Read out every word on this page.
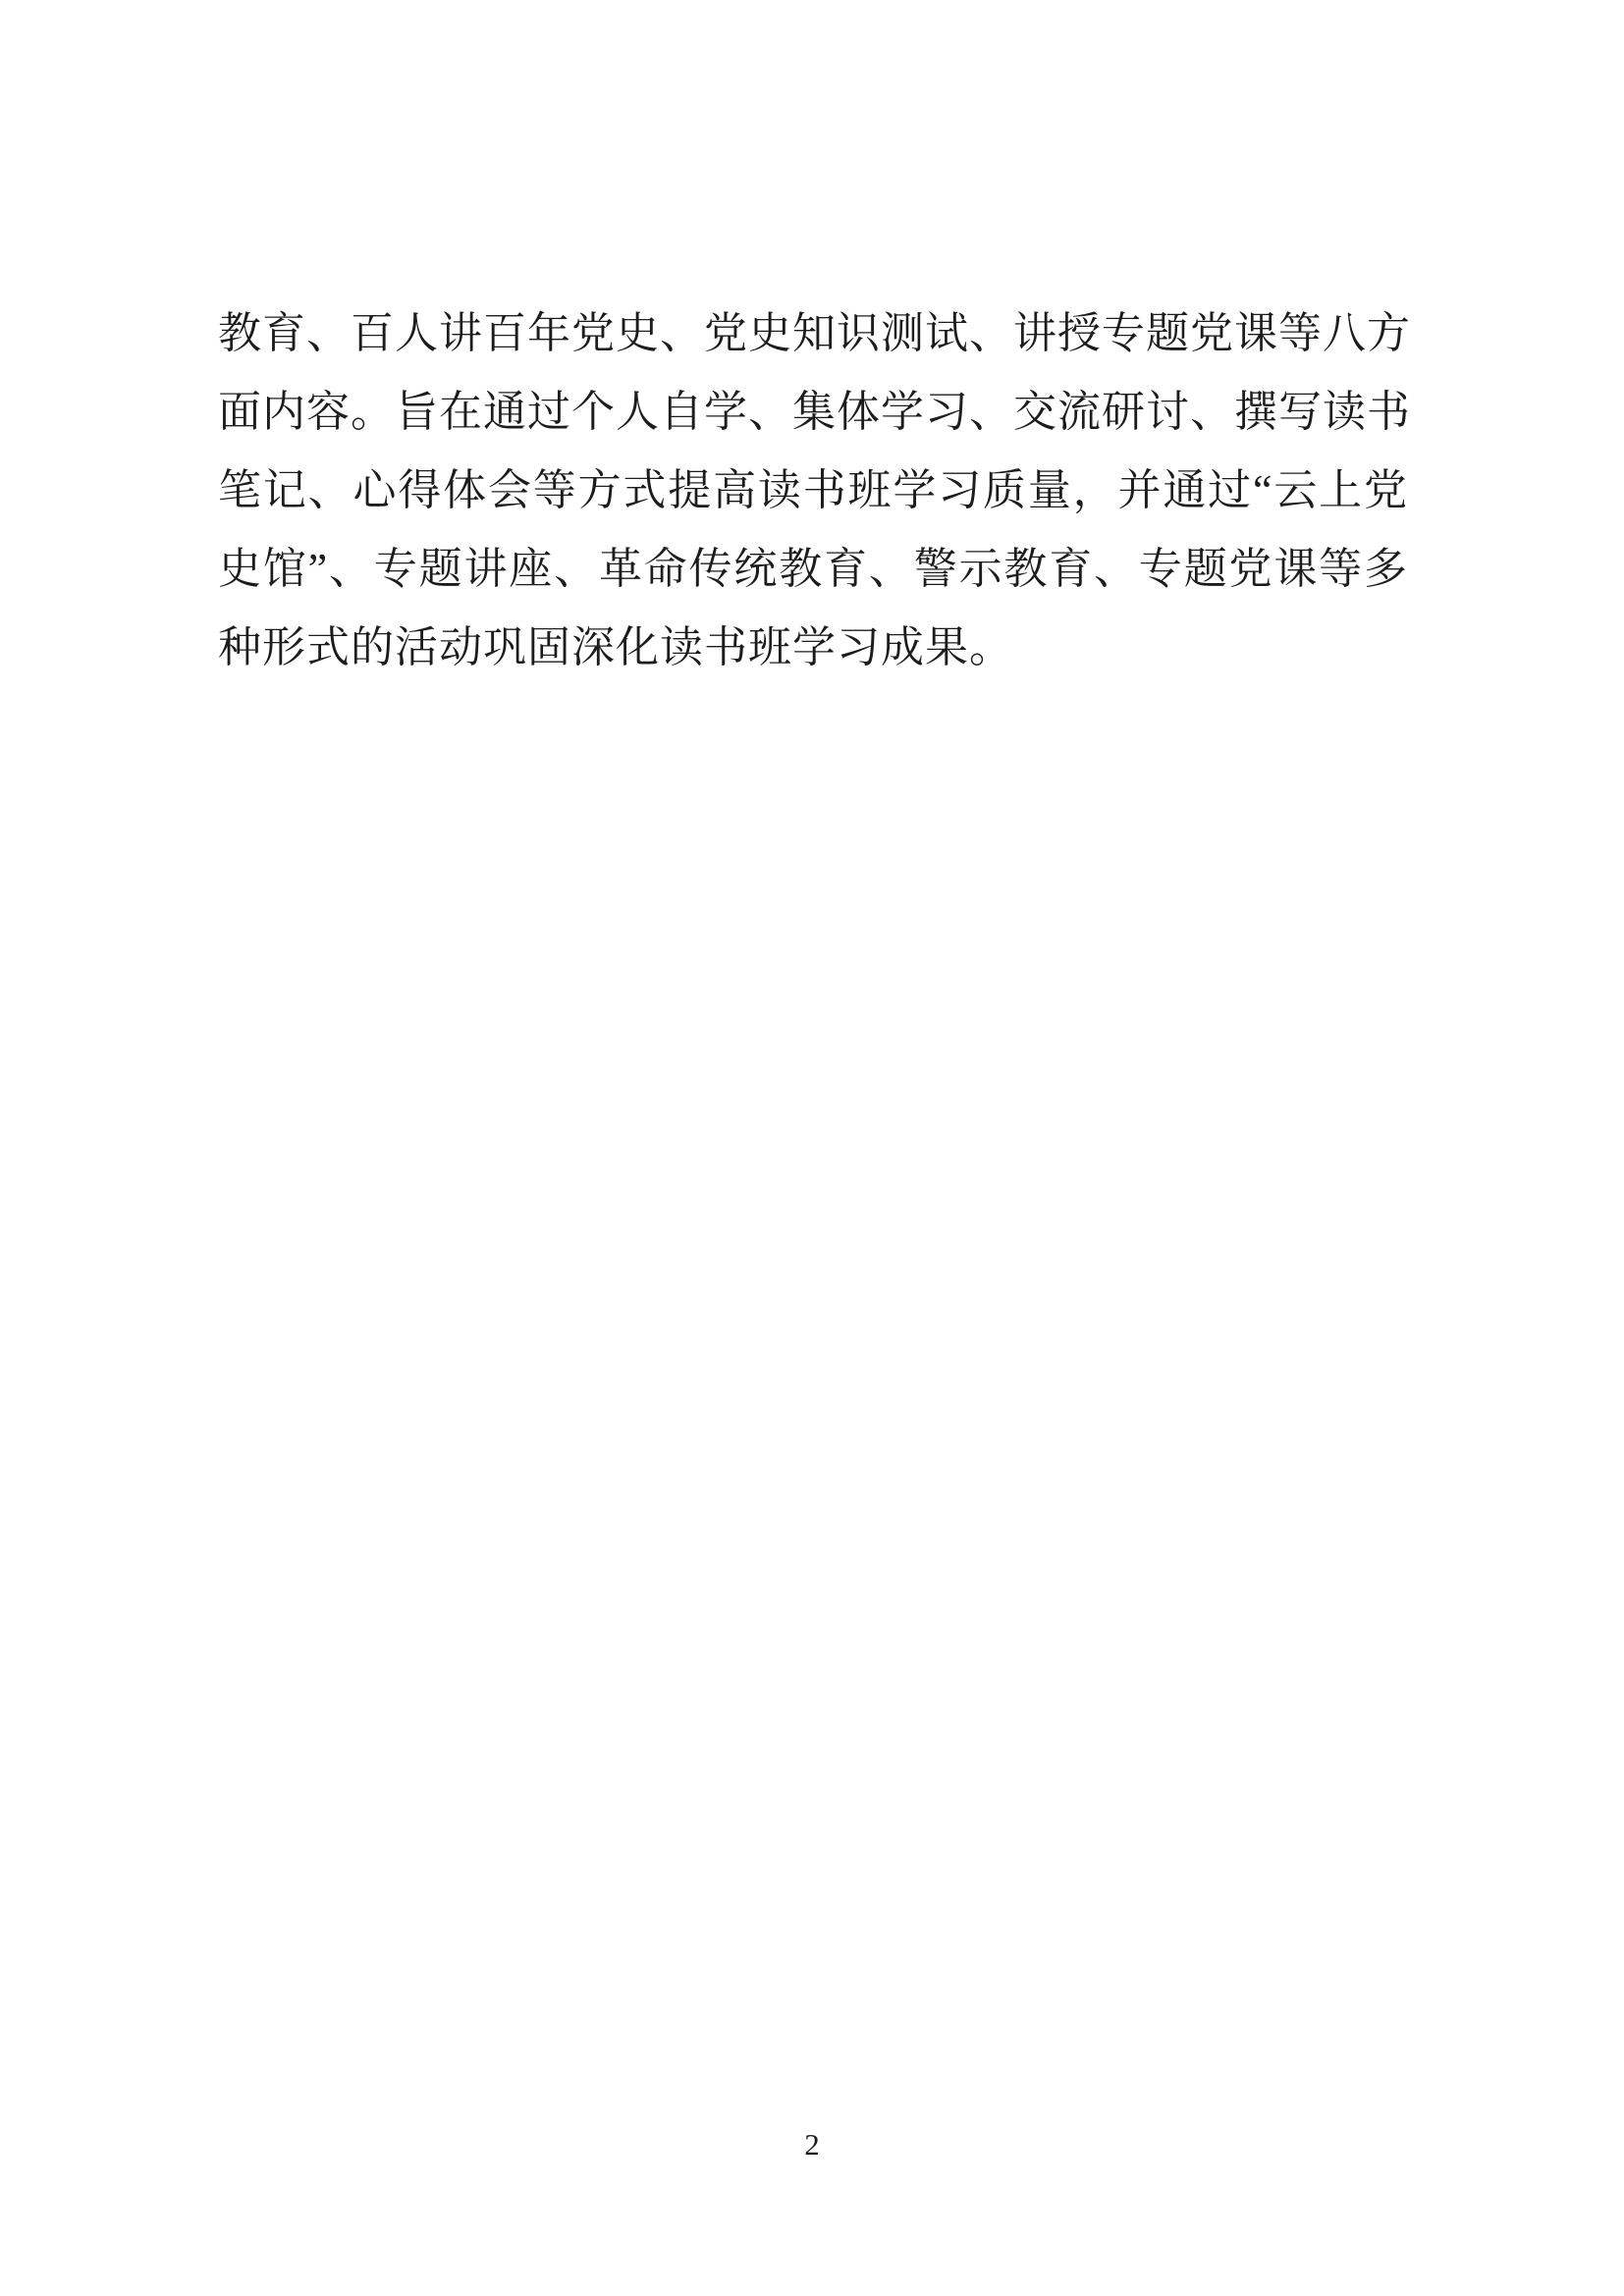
教育、百人讲百年党史、党史知识测试、讲授专题党课等八方
面内容。旨在通过个人自学、集体学习、交流研讨、撰写读书
笔记、心得体会等方式提高读书班学习质量，并通过“云上党
史馆”、专题讲座、革命传统教育、警示教育、专题党课等多
种形式的活动巩固深化读书班学习成果。
2
